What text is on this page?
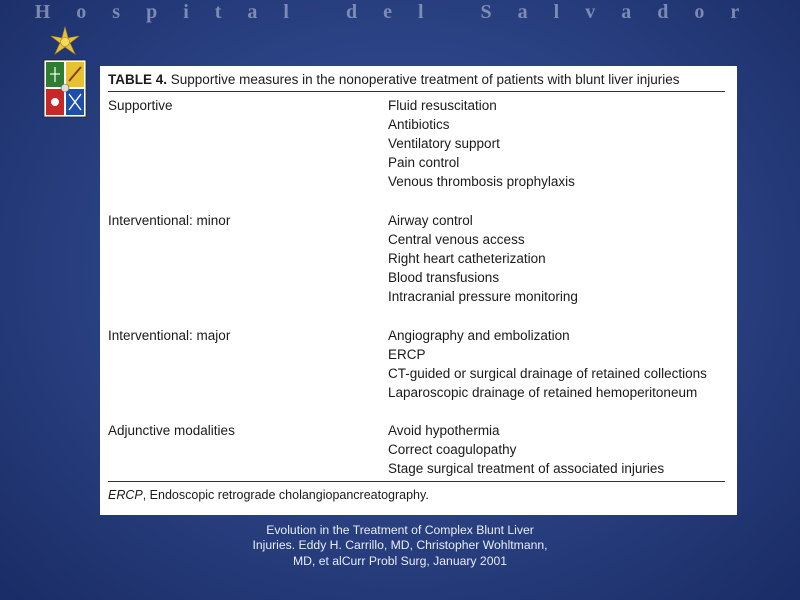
Hospital del Salvador
TABLE 4. Supportive measures in the nonoperative treatment of patients with blunt liver injuries
Supportive	Fluid resuscitation
Antibiotics
Ventilatory support
Pain control
Venous thrombosis prophylaxis
Interventional: minor	Airway control
Central venous access
Right heart catheterization
Blood transfusions
Intracranial pressure monitoring
Interventional: major	Angiography and embolization
ERCP
CT-guided or surgical drainage of retained collections
Laparoscopic drainage of retained hemoperitoneum
Adjunctive modalities	Avoid hypothermia
Correct coagulopathy
Stage surgical treatment of associated injuries
ERCP, Endoscopic retrograde cholangiopancreatography.
Evolution in the Treatment of Complex Blunt Liver Injuries. Eddy H. Carrillo, MD, Christopher Wohltmann, MD, et alCurr Probl Surg, January 2001
